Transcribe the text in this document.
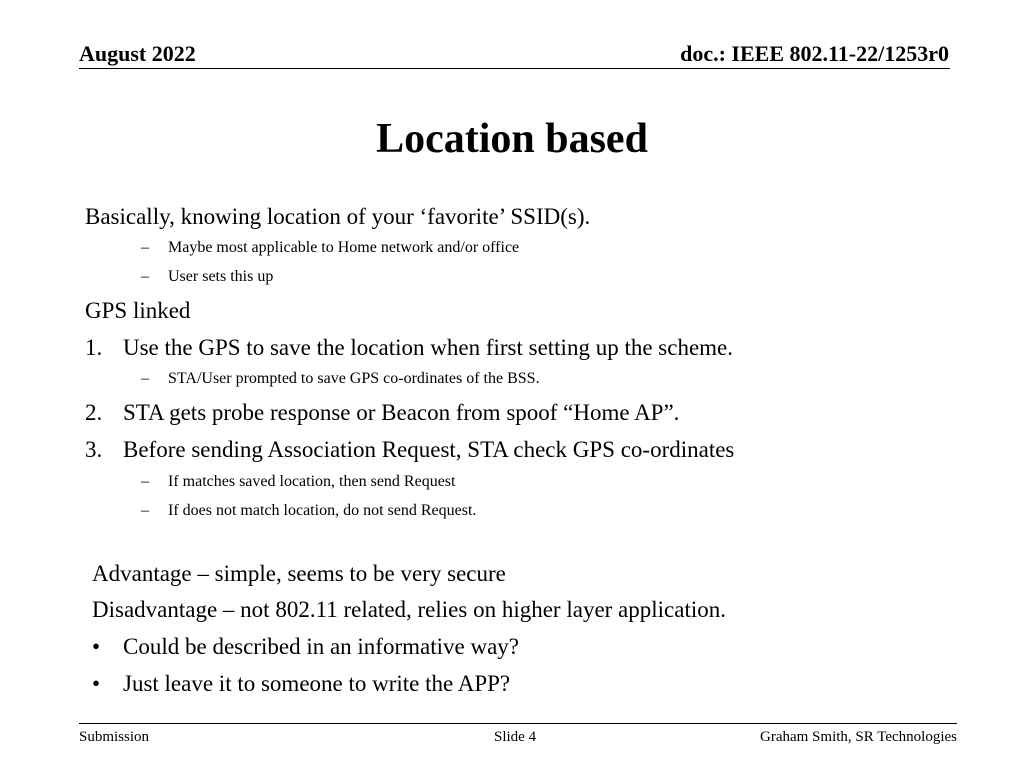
August 2022	doc.: IEEE 802.11-22/1253r0
Location based
Basically, knowing location of your ‘favorite’ SSID(s).
– Maybe most applicable to Home network and/or office
– User sets this up
GPS linked
1. Use the GPS to save the location when first setting up the scheme.
– STA/User prompted to save GPS co-ordinates of the BSS.
2. STA gets probe response or Beacon from spoof “Home AP”.
3. Before sending Association Request, STA check GPS co-ordinates
– If matches saved location, then send Request
– If does not match location, do not send Request.
Advantage – simple, seems to be very secure
Disadvantage – not 802.11 related, relies on higher layer application.
• Could be described in an informative way?
• Just leave it to someone to write the APP?
Submission	Slide 4	Graham Smith, SR Technologies
